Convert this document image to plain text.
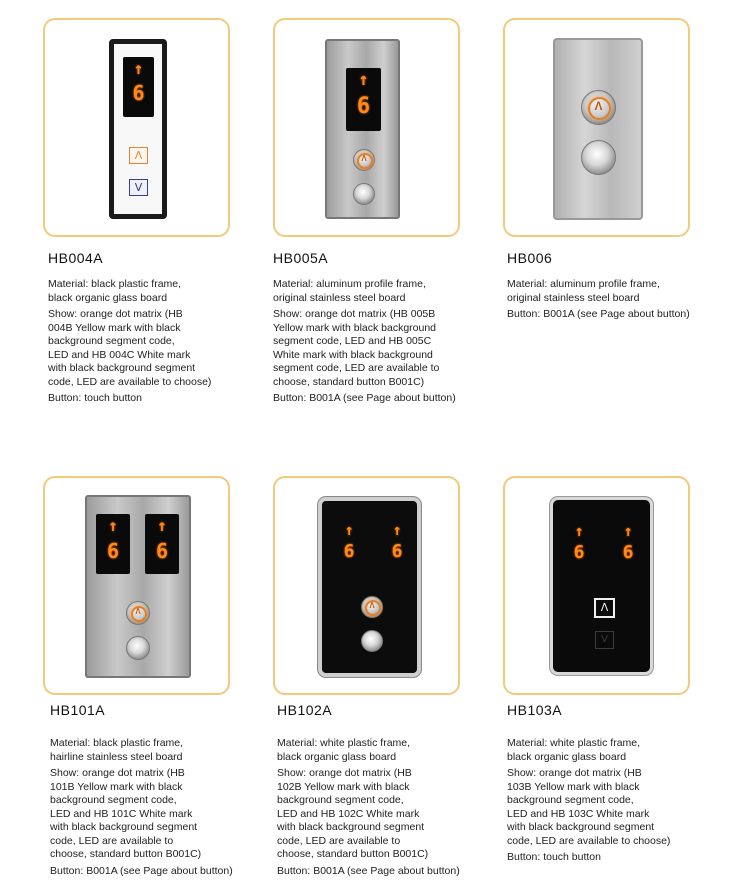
↑
6
Λ
V
HB004A

Material: black plastic frame,
black organic glass board

Show: orange dot matrix (HB
004B Yellow mark with black
background segment code,
LED and HB 004C White mark
with black background segment
code, LED are available to choose)

Button: touch button

↑
6
Λ
HB005A

Material: aluminum profile frame,
original stainless steel board

Show: orange dot matrix (HB 005B
Yellow mark with black background
segment code, LED and HB 005C
White mark with black background
segment code, LED are available to
choose, standard button B001C)

Button: B001A (see Page about button)

Λ
HB006

Material: aluminum profile frame,
original stainless steel board

Button: B001A (see Page about button)

↑
6
↑
6
Λ
HB101A

Material: black plastic frame,
hairline stainless steel board

Show: orange dot matrix (HB
101B Yellow mark with black
background segment code,
LED and HB 101C White mark
with black background segment
code, LED are available to
choose, standard button B001C)

Button: B001A (see Page about button)

↑
6
↑
6
Λ
HB102A

Material: white plastic frame,
black organic glass board

Show: orange dot matrix (HB
102B Yellow mark with black
background segment code,
LED and HB 102C White mark
with black background segment
code, LED are available to
choose, standard button B001C)

Button: B001A (see Page about button)

↑
6
↑
6
Λ
V
HB103A

Material: white plastic frame,
black organic glass board

Show: orange dot matrix (HB
103B Yellow mark with black
background segment code,
LED and HB 103C White mark
with black background segment
code, LED are available to choose)

Button: touch button
